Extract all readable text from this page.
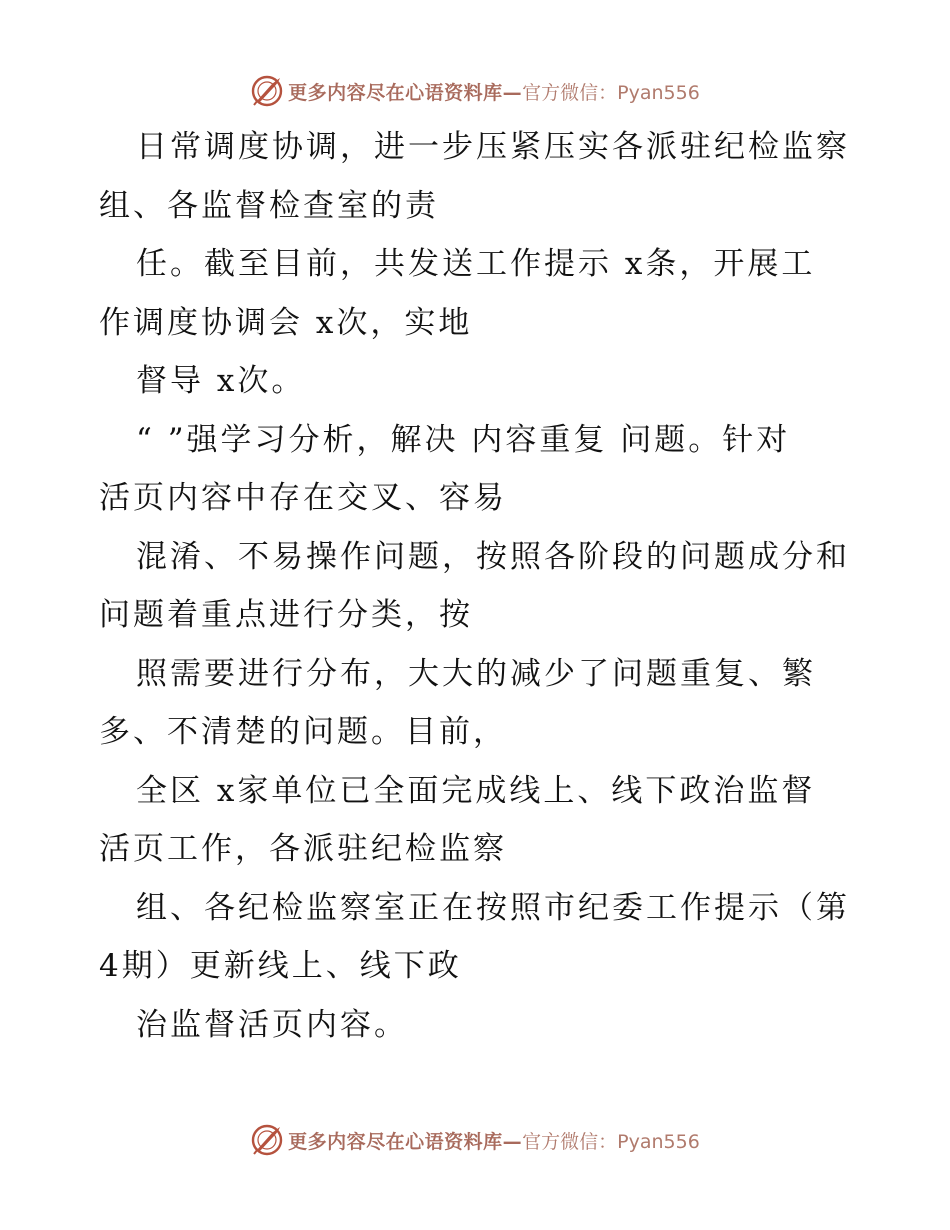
更多内容尽在心语资料库— 官方微信：Pyan556
日常调度协调，进一步压紧压实各派驻纪检监察
组、各监督检查室的责
任。截至目前，共发送工作提示 x条，开展工
作调度协调会 x次，实地
督导 x次。
“ ”强学习分析，解决 内容重复 问题。针对
活页内容中存在交叉、容易
混淆、不易操作问题，按照各阶段的问题成分和
问题着重点进行分类，按
照需要进行分布，大大的减少了问题重复、繁
多、不清楚的问题。目前，
全区 x家单位已全面完成线上、线下政治监督
活页工作，各派驻纪检监察
组、各纪检监察室正在按照市纪委工作提示（第
4期）更新线上、线下政
治监督活页内容。
更多内容尽在心语资料库— 官方微信：Pyan556
